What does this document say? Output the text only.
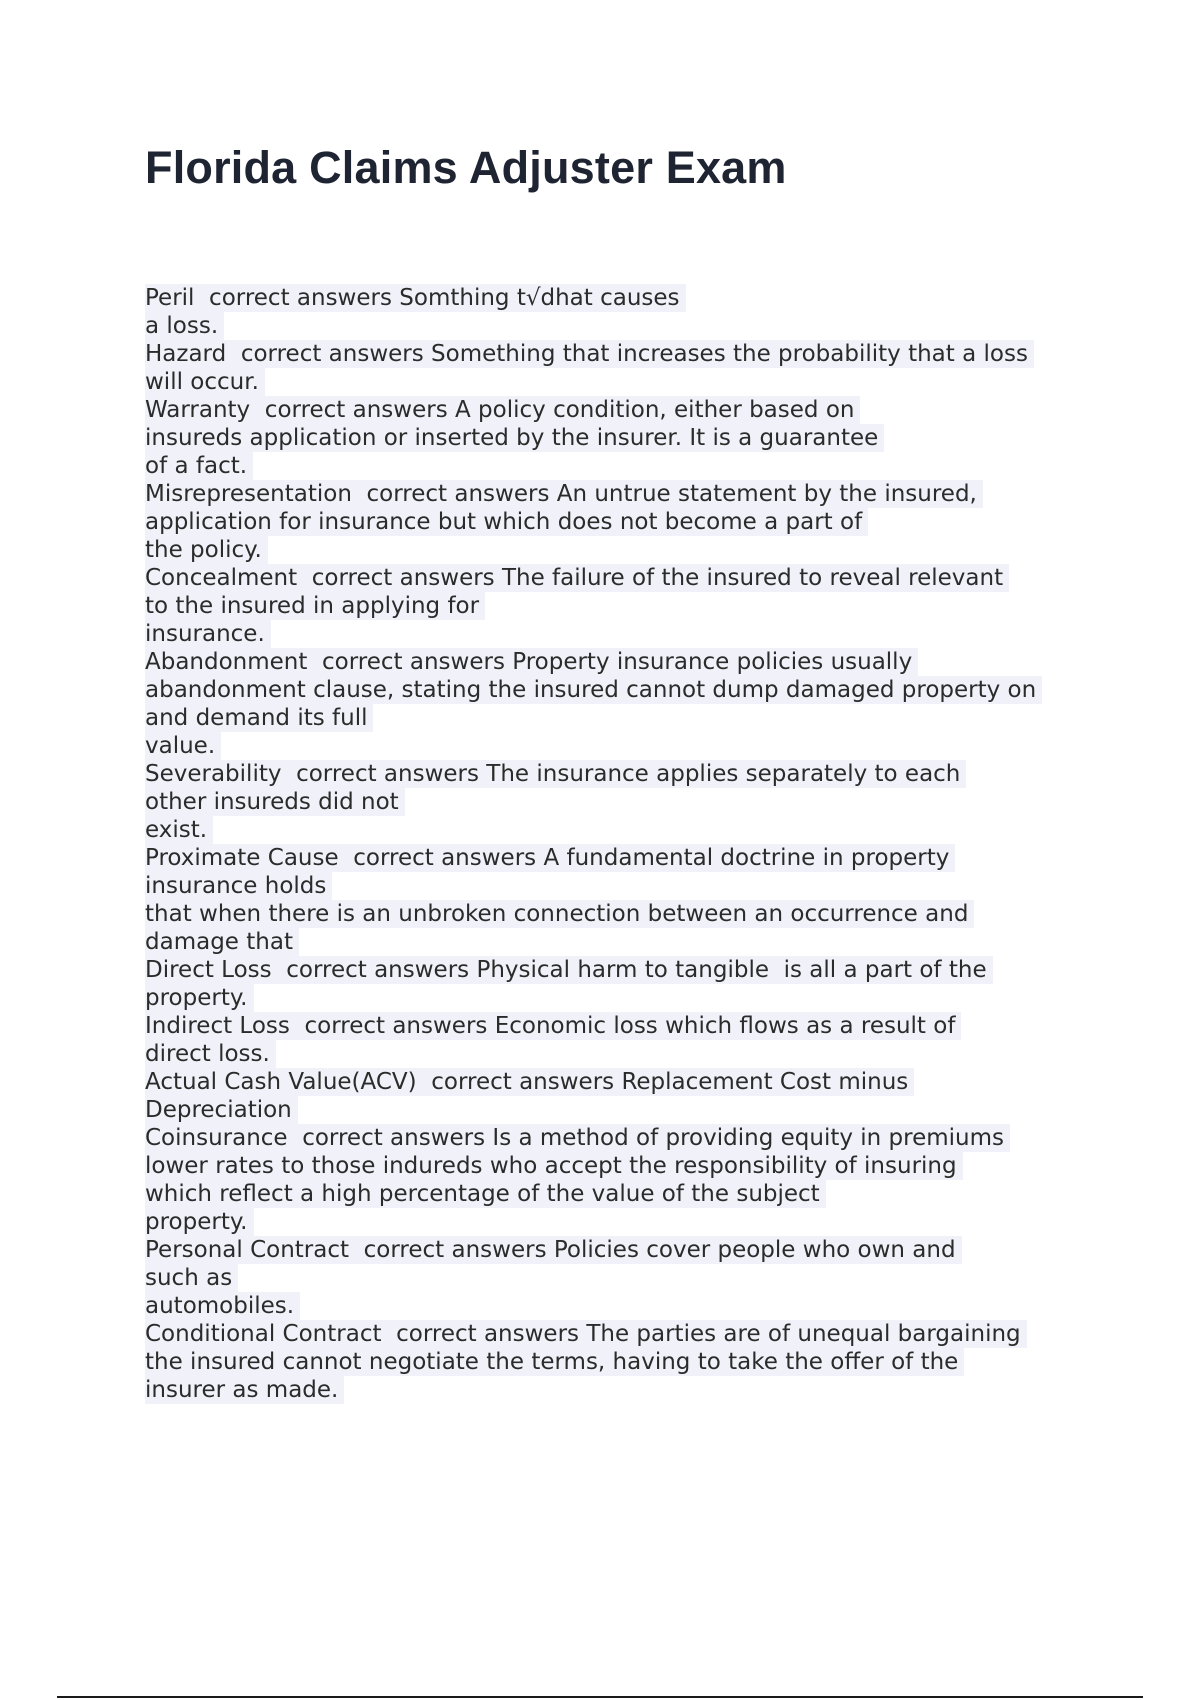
Florida Claims Adjuster Exam
Peril  correct answers Somthing t√dhat causes
a loss.
Hazard  correct answers Something that increases the probability that a loss
will occur.
Warranty  correct answers A policy condition, either based on
insureds application or inserted by the insurer. It is a guarantee
of a fact.
Misrepresentation  correct answers An untrue statement by the insured,
application for insurance but which does not become a part of
the policy.
Concealment  correct answers The failure of the insured to reveal relevant
to the insured in applying for
insurance.
Abandonment  correct answers Property insurance policies usually
abandonment clause, stating the insured cannot dump damaged property on
and demand its full
value.
Severability  correct answers The insurance applies separately to each
other insureds did not
exist.
Proximate Cause  correct answers A fundamental doctrine in property
insurance holds
that when there is an unbroken connection between an occurrence and
damage that
Direct Loss  correct answers Physical harm to tangible  is all a part of the
property.
Indirect Loss  correct answers Economic loss which flows as a result of
direct loss.
Actual Cash Value(ACV)  correct answers Replacement Cost minus
Depreciation
Coinsurance  correct answers Is a method of providing equity in premiums
lower rates to those indureds who accept the responsibility of insuring
which reflect a high percentage of the value of the subject
property.
Personal Contract  correct answers Policies cover people who own and
such as
automobiles.
Conditional Contract  correct answers The parties are of unequal bargaining
the insured cannot negotiate the terms, having to take the offer of the
insurer as made.
